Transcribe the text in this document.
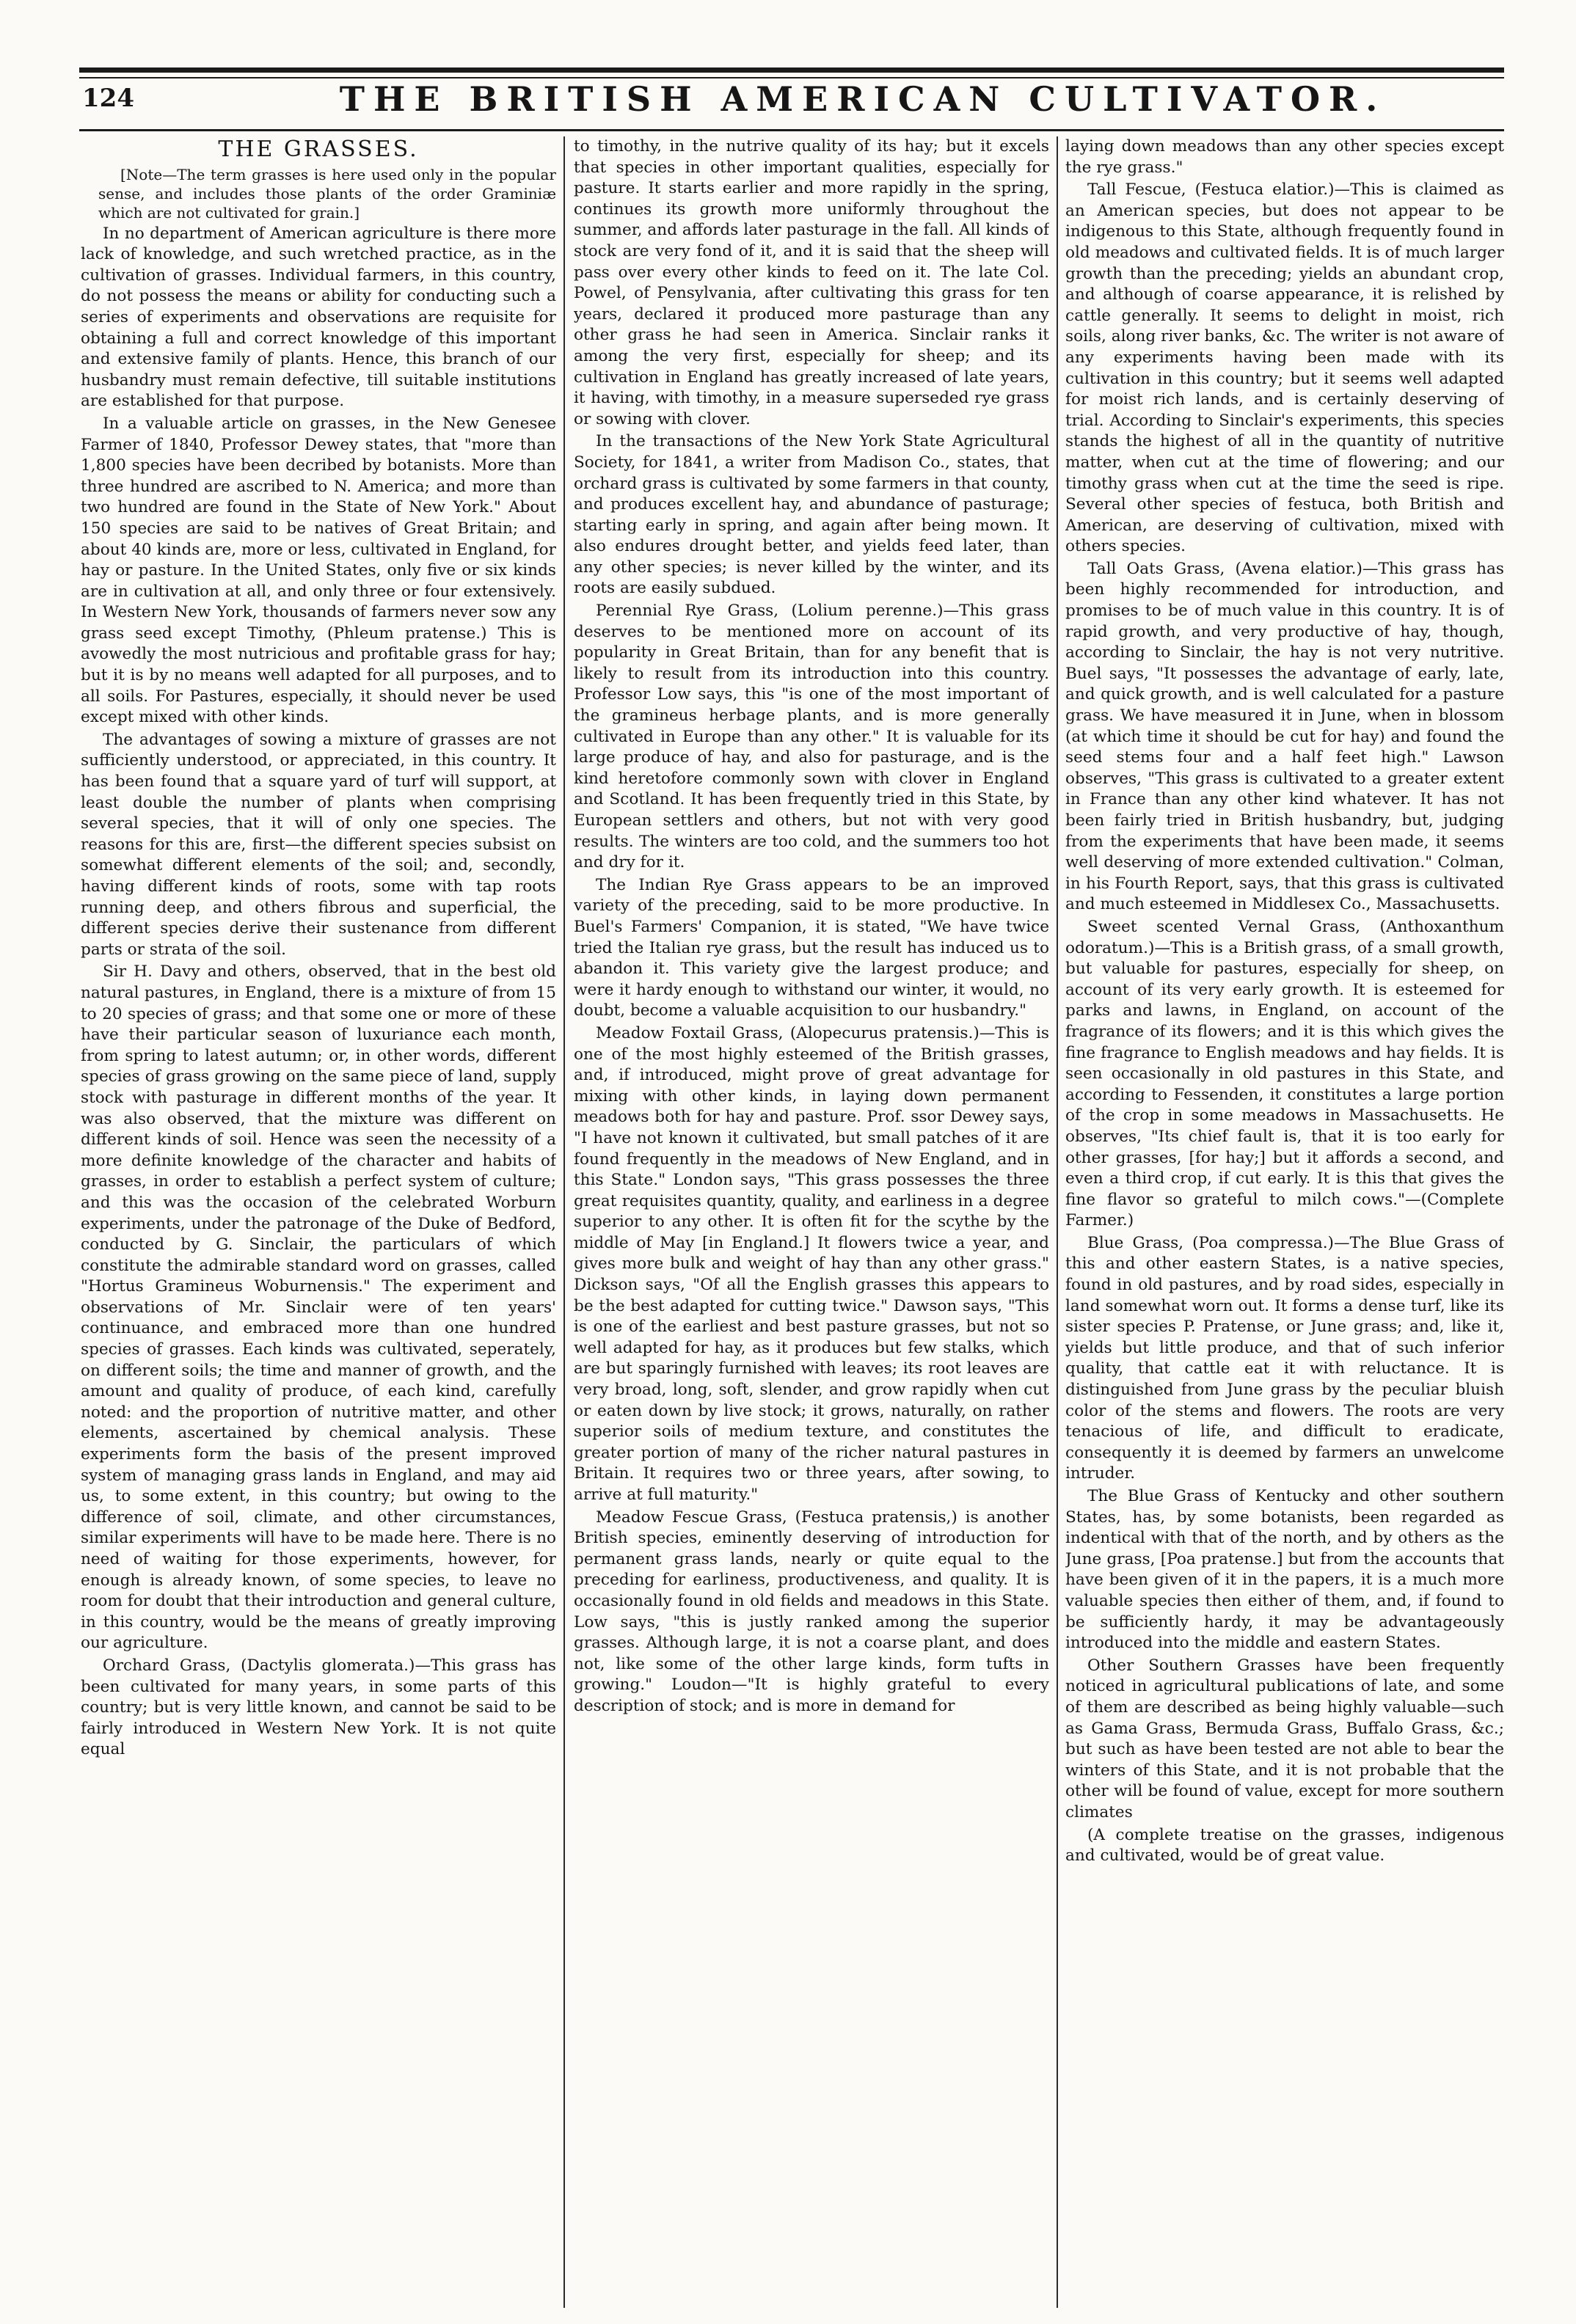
124	THE BRITISH AMERICAN CULTIVATOR.
THE GRASSES.

[Note—The term grasses is here used only in the popular sense, and includes those plants of the order Graminiæ which are not cultivated for grain.]

In no department of American agriculture is there more lack of knowledge, and such wretched practice, as in the cultivation of grasses. Individual farmers, in this country, do not possess the means or ability for conducting such a series of experiments and observations are requisite for obtaining a full and correct knowledge of this important and extensive family of plants. Hence, this branch of our husbandry must remain defective, till suitable institutions are established for that purpose.

In a valuable article on grasses, in the New Genesee Farmer of 1840, Professor Dewey states, that "more than 1,800 species have been decribed by botanists. More than three hundred are ascribed to N. America; and more than two hundred are found in the State of New York." About 150 species are said to be natives of Great Britain; and about 40 kinds are, more or less, cultivated in England, for hay or pasture. In the United States, only five or six kinds are in cultivation at all, and only three or four extensively. In Western New York, thousands of farmers never sow any grass seed except Timothy, (Phleum pratense.) This is avowedly the most nutricious and profitable grass for hay; but it is by no means well adapted for all purposes, and to all soils. For Pastures, especially, it should never be used except mixed with other kinds.

The advantages of sowing a mixture of grasses are not sufficiently understood, or appreciated, in this country. It has been found that a square yard of turf will support, at least double the number of plants when comprising several species, that it will of only one species. The reasons for this are, first—the different species subsist on somewhat different elements of the soil; and, secondly, having different kinds of roots, some with tap roots running deep, and others fibrous and superficial, the different species derive their sustenance from different parts or strata of the soil.

Sir H. Davy and others, observed, that in the best old natural pastures, in England, there is a mixture of from 15 to 20 species of grass; and that some one or more of these have their particular season of luxuriance each month, from spring to latest autumn; or, in other words, different species of grass growing on the same piece of land, supply stock with pasturage in different months of the year. It was also observed, that the mixture was different on different kinds of soil. Hence was seen the necessity of a more definite knowledge of the character and habits of grasses, in order to establish a perfect system of culture; and this was the occasion of the celebrated Worburn experiments, under the patronage of the Duke of Bedford, conducted by G. Sinclair, the particulars of which constitute the admirable standard word on grasses, called "Hortus Gramineus Woburnensis." The experiment and observations of Mr. Sinclair were of ten years' continuance, and embraced more than one hundred species of grasses. Each kinds was cultivated, seperately, on different soils; the time and manner of growth, and the amount and quality of produce, of each kind, carefully noted: and the proportion of nutritive matter, and other elements, ascertained by chemical analysis. These experiments form the basis of the present improved system of managing grass lands in England, and may aid us, to some extent, in this country; but owing to the difference of soil, climate, and other circumstances, similar experiments will have to be made here. There is no need of waiting for those experiments, however, for enough is already known, of some species, to leave no room for doubt that their introduction and general culture, in this country, would be the means of greatly improving our agriculture.

Orchard Grass, (Dactylis glomerata.)—This grass has been cultivated for many years, in some parts of this country; but is very little known, and cannot be said to be fairly introduced in Western New York. It is not quite equal

to timothy, in the nutrive quality of its hay; but it excels that species in other important qualities, especially for pasture. It starts earlier and more rapidly in the spring, continues its growth more uniformly throughout the summer, and affords later pasturage in the fall. All kinds of stock are very fond of it, and it is said that the sheep will pass over every other kinds to feed on it. The late Col. Powel, of Pensylvania, after cultivating this grass for ten years, declared it produced more pasturage than any other grass he had seen in America. Sinclair ranks it among the very first, especially for sheep; and its cultivation in England has greatly increased of late years, it having, with timothy, in a measure superseded rye grass or sowing with clover.

In the transactions of the New York State Agricultural Society, for 1841, a writer from Madison Co., states, that orchard grass is cultivated by some farmers in that county, and produces excellent hay, and abundance of pasturage; starting early in spring, and again after being mown. It also endures drought better, and yields feed later, than any other species; is never killed by the winter, and its roots are easily subdued.

Perennial Rye Grass, (Lolium perenne.)—This grass deserves to be mentioned more on account of its popularity in Great Britain, than for any benefit that is likely to result from its introduction into this country. Professor Low says, this "is one of the most important of the gramineus herbage plants, and is more generally cultivated in Europe than any other." It is valuable for its large produce of hay, and also for pasturage, and is the kind heretofore commonly sown with clover in England and Scotland. It has been frequently tried in this State, by European settlers and others, but not with very good results. The winters are too cold, and the summers too hot and dry for it.

The Indian Rye Grass appears to be an improved variety of the preceding, said to be more productive. In Buel's Farmers' Companion, it is stated, "We have twice tried the Italian rye grass, but the result has induced us to abandon it. This variety give the largest produce; and were it hardy enough to withstand our winter, it would, no doubt, become a valuable acquisition to our husbandry."

Meadow Foxtail Grass, (Alopecurus pratensis.)—This is one of the most highly esteemed of the British grasses, and, if introduced, might prove of great advantage for mixing with other kinds, in laying down permanent meadows both for hay and pasture. Prof. ssor Dewey says, "I have not known it cultivated, but small patches of it are found frequently in the meadows of New England, and in this State." London says, "This grass possesses the three great requisites quantity, quality, and earliness in a degree superior to any other. It is often fit for the scythe by the middle of May [in England.] It flowers twice a year, and gives more bulk and weight of hay than any other grass." Dickson says, "Of all the English grasses this appears to be the best adapted for cutting twice." Dawson says, "This is one of the earliest and best pasture grasses, but not so well adapted for hay, as it produces but few stalks, which are but sparingly furnished with leaves; its root leaves are very broad, long, soft, slender, and grow rapidly when cut or eaten down by live stock; it grows, naturally, on rather superior soils of medium texture, and constitutes the greater portion of many of the richer natural pastures in Britain. It requires two or three years, after sowing, to arrive at full maturity."

Meadow Fescue Grass, (Festuca pratensis,) is another British species, eminently deserving of introduction for permanent grass lands, nearly or quite equal to the preceding for earliness, productiveness, and quality. It is occasionally found in old fields and meadows in this State. Low says, "this is justly ranked among the superior grasses. Although large, it is not a coarse plant, and does not, like some of the other large kinds, form tufts in growing." Loudon—"It is highly grateful to every description of stock; and is more in demand for

laying down meadows than any other species except the rye grass."

Tall Fescue, (Festuca elatior.)—This is claimed as an American species, but does not appear to be indigenous to this State, although frequently found in old meadows and cultivated fields. It is of much larger growth than the preceding; yields an abundant crop, and although of coarse appearance, it is relished by cattle generally. It seems to delight in moist, rich soils, along river banks, &c. The writer is not aware of any experiments having been made with its cultivation in this country; but it seems well adapted for moist rich lands, and is certainly deserving of trial. According to Sinclair's experiments, this species stands the highest of all in the quantity of nutritive matter, when cut at the time of flowering; and our timothy grass when cut at the time the seed is ripe. Several other species of festuca, both British and American, are deserving of cultivation, mixed with others species.

Tall Oats Grass, (Avena elatior.)—This grass has been highly recommended for introduction, and promises to be of much value in this country. It is of rapid growth, and very productive of hay, though, according to Sinclair, the hay is not very nutritive. Buel says, "It possesses the advantage of early, late, and quick growth, and is well calculated for a pasture grass. We have measured it in June, when in blossom (at which time it should be cut for hay) and found the seed stems four and a half feet high." Lawson observes, "This grass is cultivated to a greater extent in France than any other kind whatever. It has not been fairly tried in British husbandry, but, judging from the experiments that have been made, it seems well deserving of more extended cultivation." Colman, in his Fourth Report, says, that this grass is cultivated and much esteemed in Middlesex Co., Massachusetts.

Sweet scented Vernal Grass, (Anthoxanthum odoratum.)—This is a British grass, of a small growth, but valuable for pastures, especially for sheep, on account of its very early growth. It is esteemed for parks and lawns, in England, on account of the fragrance of its flowers; and it is this which gives the fine fragrance to English meadows and hay fields. It is seen occasionally in old pastures in this State, and according to Fessenden, it constitutes a large portion of the crop in some meadows in Massachusetts. He observes, "Its chief fault is, that it is too early for other grasses, [for hay;] but it affords a second, and even a third crop, if cut early. It is this that gives the fine flavor so grateful to milch cows."—(Complete Farmer.)

Blue Grass, (Poa compressa.)—The Blue Grass of this and other eastern States, is a native species, found in old pastures, and by road sides, especially in land somewhat worn out. It forms a dense turf, like its sister species P. Pratense, or June grass; and, like it, yields but little produce, and that of such inferior quality, that cattle eat it with reluctance. It is distinguished from June grass by the peculiar bluish color of the stems and flowers. The roots are very tenacious of life, and difficult to eradicate, consequently it is deemed by farmers an unwelcome intruder.

The Blue Grass of Kentucky and other southern States, has, by some botanists, been regarded as indentical with that of the north, and by others as the June grass, [Poa pratense.] but from the accounts that have been given of it in the papers, it is a much more valuable species then either of them, and, if found to be sufficiently hardy, it may be advantageously introduced into the middle and eastern States.

Other Southern Grasses have been frequently noticed in agricultural publications of late, and some of them are described as being highly valuable—such as Gama Grass, Bermuda Grass, Buffalo Grass, &c.; but such as have been tested are not able to bear the winters of this State, and it is not probable that the other will be found of value, except for more southern climates

(A complete treatise on the grasses, indigenous and cultivated, would be of great value.
